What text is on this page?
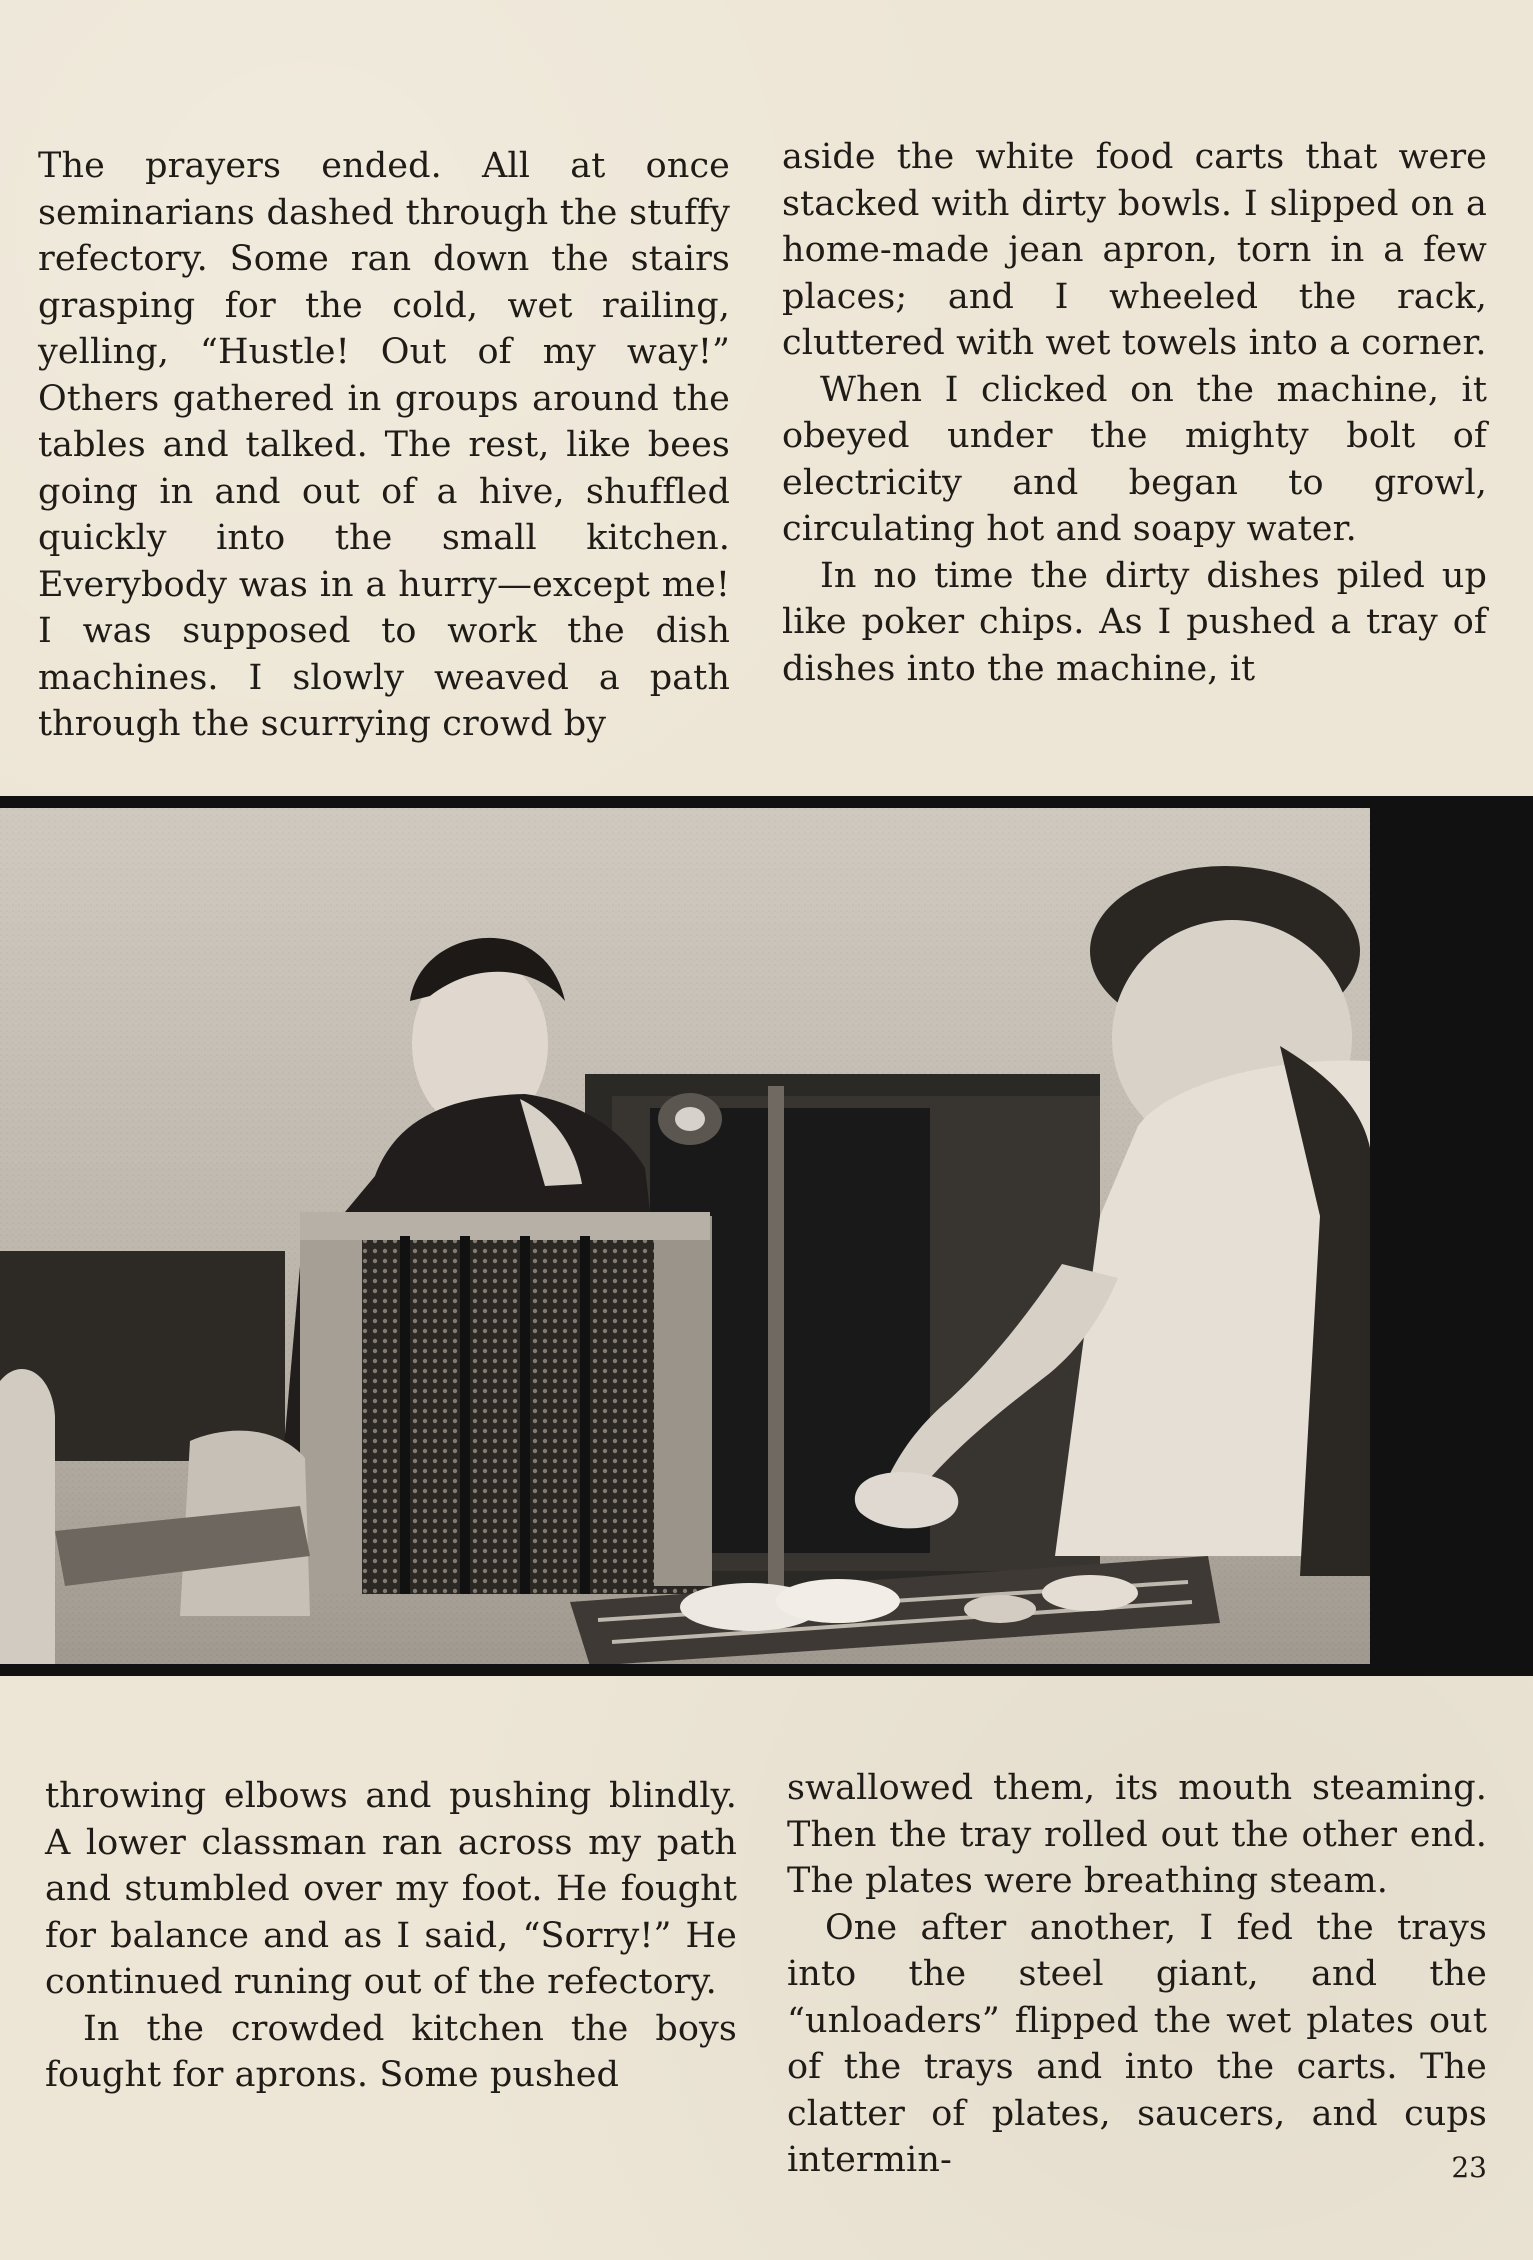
The prayers ended. All at once seminarians dashed through the stuffy refectory. Some ran down the stairs grasping for the cold, wet railing, yelling, “Hustle! Out of my way!” Others gathered in groups around the tables and talked. The rest, like bees going in and out of a hive, shuffled quickly into the small kitchen. Everybody was in a hurry—except me! I was supposed to work the dish machines. I slowly weaved a path through the scurrying crowd by

aside the white food carts that were stacked with dirty bowls. I slipped on a home-made jean apron, torn in a few places; and I wheeled the rack, cluttered with wet towels into a corner.

When I clicked on the machine, it obeyed under the mighty bolt of electricity and began to growl, circulating hot and soapy water.

In no time the dirty dishes piled up like poker chips. As I pushed a tray of dishes into the machine, it

throwing elbows and pushing blindly. A lower classman ran across my path and stumbled over my foot. He fought for balance and as I said, “Sorry!” He continued runing out of the refectory.

In the crowded kitchen the boys fought for aprons. Some pushed

swallowed them, its mouth steaming. Then the tray rolled out the other end. The plates were breathing steam.

One after another, I fed the trays into the steel giant, and the “unloaders” flipped the wet plates out of the trays and into the carts. The clatter of plates, saucers, and cups intermin-	23
